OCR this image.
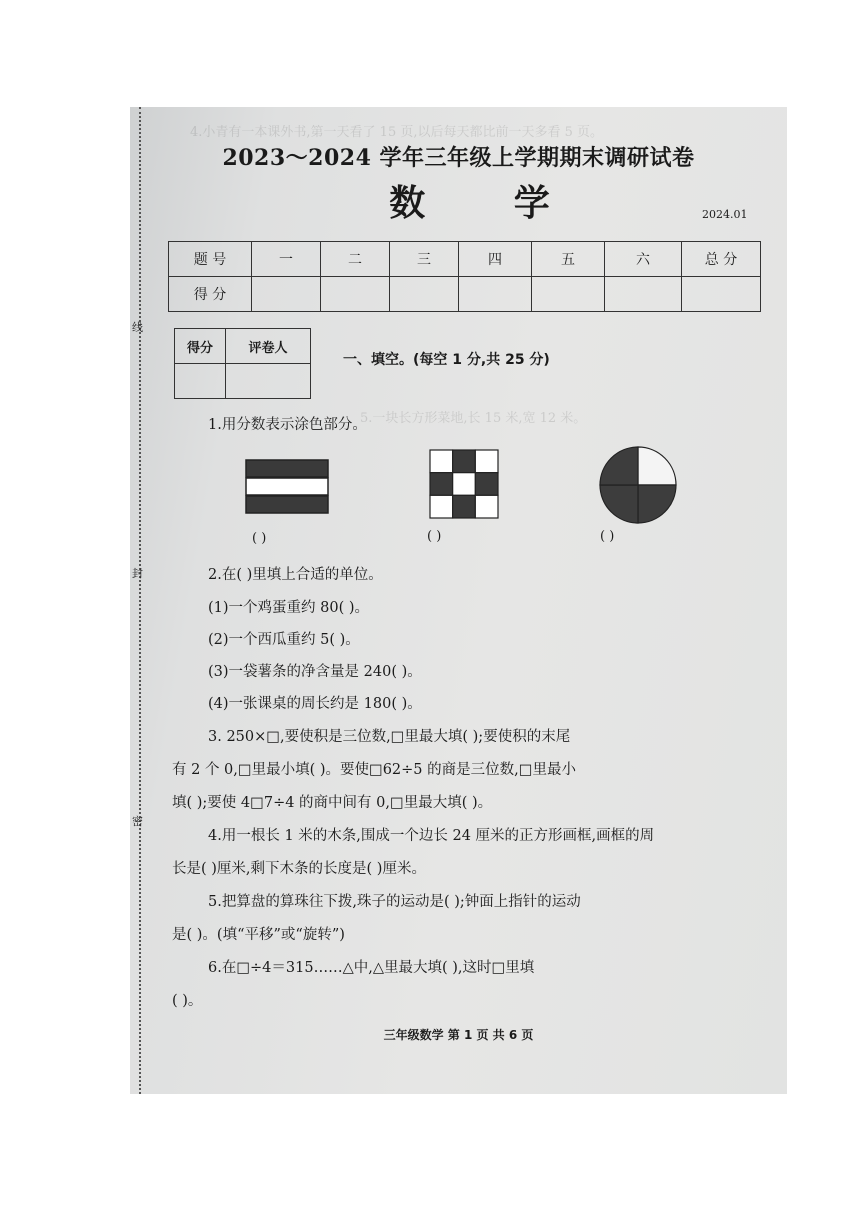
线
封
密
4.小青有一本课外书,第一天看了 15 页,以后每天都比前一天多看 5 页。
5.一块长方形菜地,长 15 米,宽 12 米。
2023～2024 学年三年级上学期期末调研试卷
数 学	2024.01
题 号	一	二	三	四	五	六	总 分
得 分							
得分	评卷人

一、填空。(每空 1 分,共 25 分)
1.用分数表示涂色部分。
( )	( )	( )
2.在( )里填上合适的单位。
(1)一个鸡蛋重约 80( )。
(2)一个西瓜重约 5( )。
(3)一袋薯条的净含量是 240( )。
(4)一张课桌的周长约是 180( )。
3. 250×□,要使积是三位数,□里最大填( );要使积的末尾
有 2 个 0,□里最小填( )。要使□62÷5 的商是三位数,□里最小
填( );要使 4□7÷4 的商中间有 0,□里最大填( )。
4.用一根长 1 米的木条,围成一个边长 24 厘米的正方形画框,画框的周
长是( )厘米,剩下木条的长度是( )厘米。
5.把算盘的算珠往下拨,珠子的运动是( );钟面上指针的运动
是( )。(填“平移”或“旋转”)
6.在□÷4＝315……△中,△里最大填( ),这时□里填
( )。
三年级数学 第 1 页 共 6 页
